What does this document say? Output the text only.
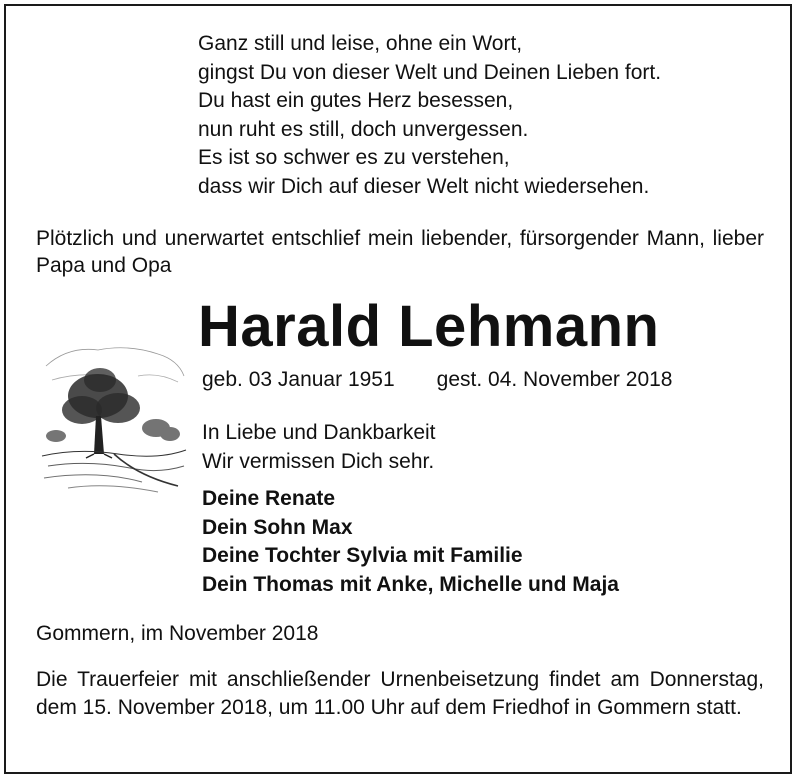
Ganz still und leise, ohne ein Wort,
gingst Du von dieser Welt und Deinen Lieben fort.
Du hast ein gutes Herz besessen,
nun ruht es still, doch unvergessen.
Es ist so schwer es zu verstehen,
dass wir Dich auf dieser Welt nicht wiedersehen.
Plötzlich und unerwartet entschlief mein liebender, fürsorgender Mann, lieber Papa und Opa
Harald Lehmann
geb. 03 Januar 1951 gest. 04. November 2018
In Liebe und Dankbarkeit
Wir vermissen Dich sehr.
Deine Renate
Dein Sohn Max
Deine Tochter Sylvia mit Familie
Dein Thomas mit Anke, Michelle und Maja
Gommern, im November 2018
Die Trauerfeier mit anschließender Urnenbeisetzung findet am Donnerstag, dem 15. November 2018, um 11.00 Uhr auf dem Friedhof in Gommern statt.
